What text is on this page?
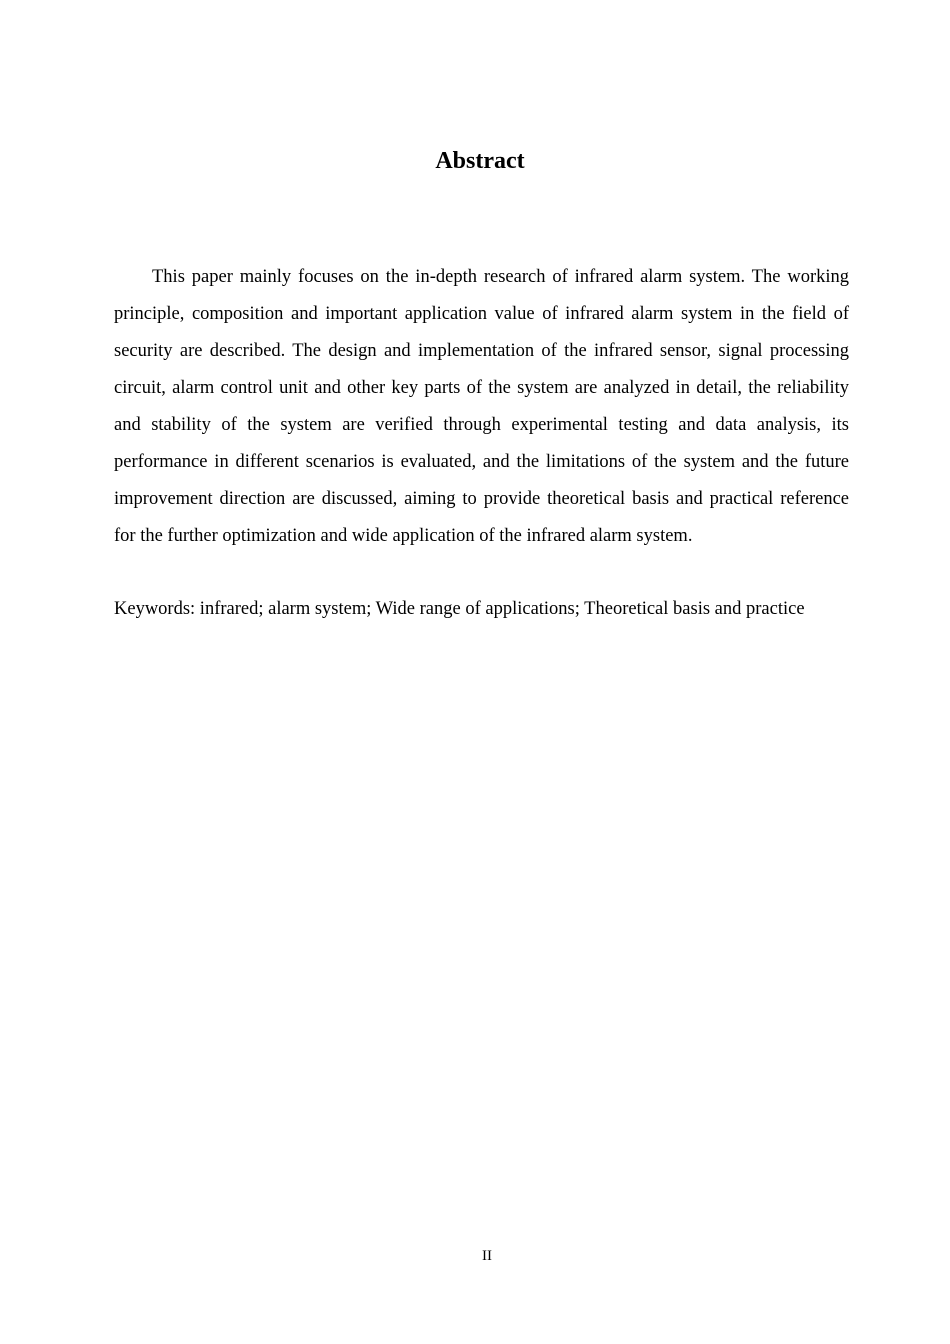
Abstract

This paper mainly focuses on the in-depth research of infrared alarm system. The working principle, composition and important application value of infrared alarm system in the field of security are described. The design and implementation of the infrared sensor, signal processing circuit, alarm control unit and other key parts of the system are analyzed in detail, the reliability and stability of the system are verified through experimental testing and data analysis, its performance in different scenarios is evaluated, and the limitations of the system and the future improvement direction are discussed, aiming to provide theoretical basis and practical reference for the further optimization and wide application of the infrared alarm system.

Keywords: infrared; alarm system; Wide range of applications; Theoretical basis and practice

II
